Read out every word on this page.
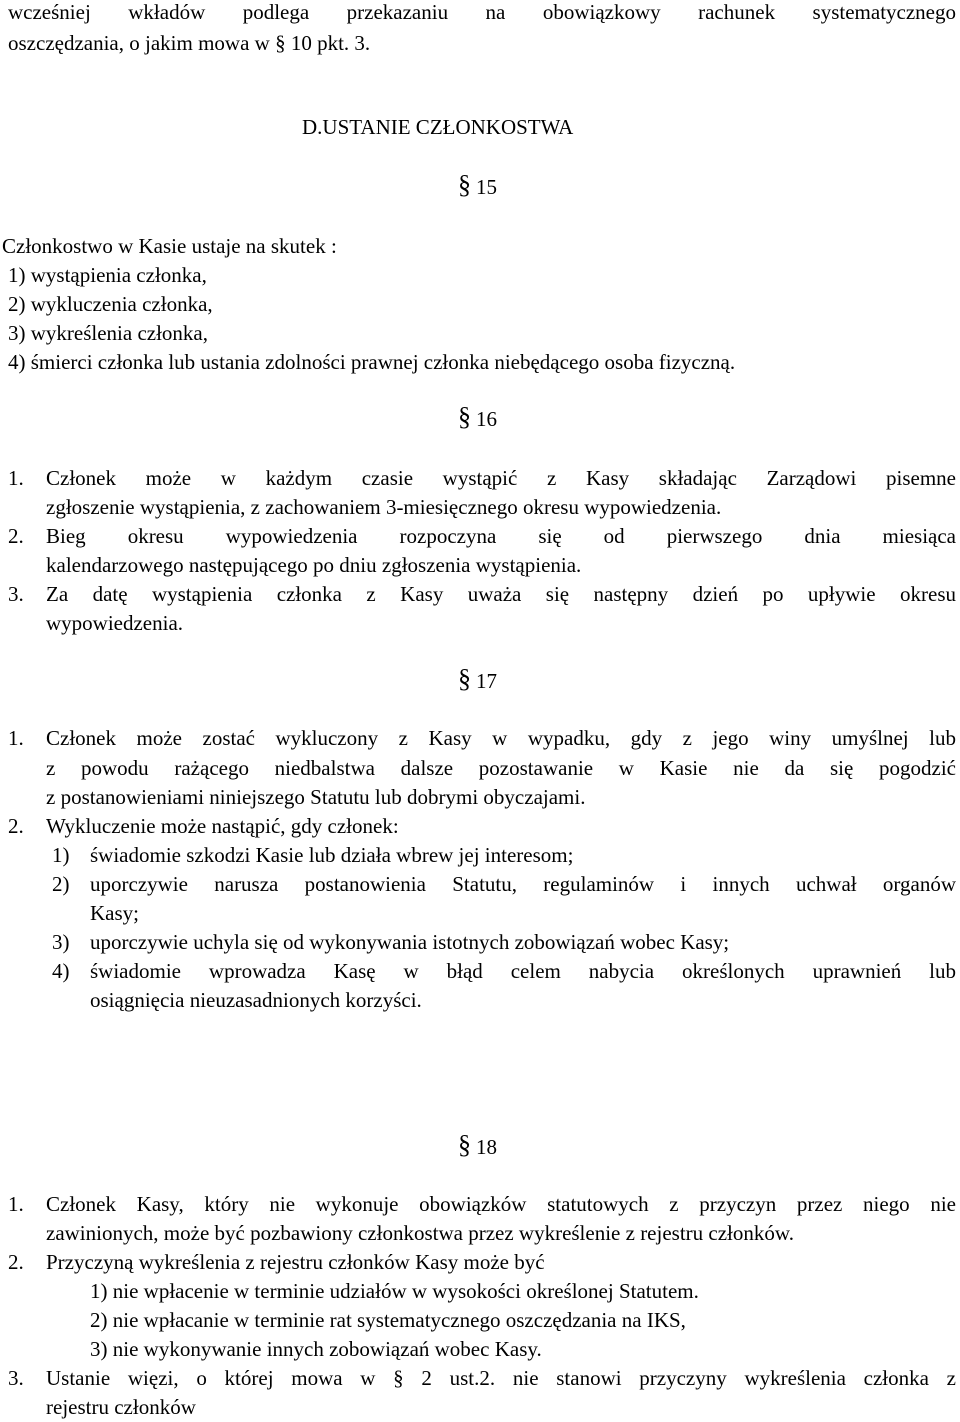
wcześniej wkładów podlega przekazaniu na obowiązkowy rachunek systematycznego
oszczędzania, o jakim mowa w § 10 pkt. 3.
D.USTANIE CZŁONKOSTWA
§ 15
Członkostwo w Kasie ustaje na skutek :
1) wystąpienia członka,
2) wykluczenia członka,
3) wykreślenia członka,
4) śmierci członka lub ustania zdolności prawnej członka niebędącego osoba fizyczną.
§ 16
1. Członek może w każdym czasie wystąpić z Kasy składając Zarządowi pisemne
zgłoszenie wystąpienia, z zachowaniem 3-miesięcznego okresu wypowiedzenia.
2. Bieg okresu wypowiedzenia rozpoczyna się od pierwszego dnia miesiąca
kalendarzowego następującego po dniu zgłoszenia wystąpienia.
3. Za datę wystąpienia członka z Kasy uważa się następny dzień po upływie okresu
wypowiedzenia.
§ 17
1. Członek może zostać wykluczony z Kasy w wypadku, gdy z jego winy umyślnej lub
z powodu rażącego niedbalstwa dalsze pozostawanie w Kasie nie da się pogodzić
z postanowieniami niniejszego Statutu lub dobrymi obyczajami.
2. Wykluczenie może nastąpić, gdy członek:
1) świadomie szkodzi Kasie lub działa wbrew jej interesom;
2) uporczywie narusza postanowienia Statutu, regulaminów i innych uchwał organów
Kasy;
3) uporczywie uchyla się od wykonywania istotnych zobowiązań wobec Kasy;
4) świadomie wprowadza Kasę w błąd celem nabycia określonych uprawnień lub
osiągnięcia nieuzasadnionych korzyści.
§ 18
1. Członek Kasy, który nie wykonuje obowiązków statutowych z przyczyn przez niego nie
zawinionych, może być pozbawiony członkostwa przez wykreślenie z rejestru członków.
2. Przyczyną wykreślenia z rejestru członków Kasy może być
1) nie wpłacenie w terminie udziałów w wysokości określonej Statutem.
2) nie wpłacanie w terminie rat systematycznego oszczędzania na IKS,
3) nie wykonywanie innych zobowiązań wobec Kasy.
3. Ustanie więzi, o której mowa w § 2 ust.2. nie stanowi przyczyny wykreślenia członka z
rejestru członków
